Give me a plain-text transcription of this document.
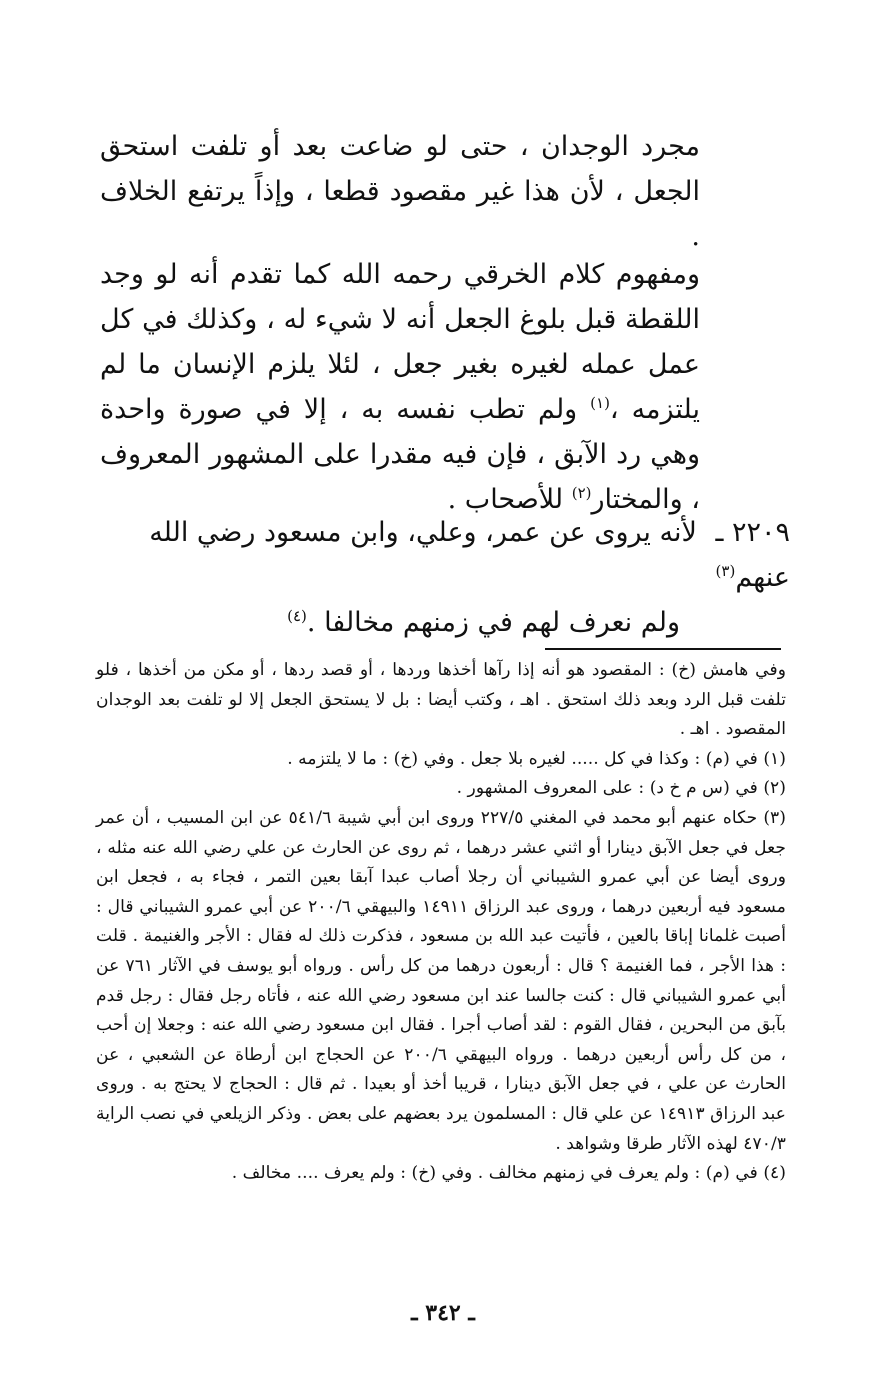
مجرد الوجدان ، حتى لو ضاعت بعد أو تلفت استحق الجعل ، لأن هذا غير مقصود قطعا ، وإذاً يرتفع الخلاف .
ومفهوم كلام الخرقي رحمه الله كما تقدم أنه لو وجد اللقطة قبل بلوغ الجعل أنه لا شيء له ، وكذلك في كل عمل عمله لغيره بغير جعل ، لئلا يلزم الإنسان ما لم يلتزمه ،$^{(١)}$ ولم تطب نفسه به ، إلا في صورة واحدة وهي رد الآبق ، فإن فيه مقدرا على المشهور المعروف ، والمختار$^{(٢)}$ للأصحاب .
٢٢٠٩ ـ لأنه يروى عن عمر، وعلي، وابن مسعود رضي الله عنهم$^{(٣)}$
ولم نعرف لهم في زمنهم مخالفا .$^{(٤)}$
وفي هامش (خ) : المقصود هو أنه إذا رآها أخذها وردها ، أو قصد ردها ، أو مكن من أخذها ، فلو تلفت قبل الرد وبعد ذلك استحق . اهـ ، وكتب أيضا : بل لا يستحق الجعل إلا لو تلفت بعد الوجدان المقصود . اهـ .
(١) في (م) : وكذا في كل ..... لغيره بلا جعل . وفي (خ) : ما لا يلتزمه .
(٢) في (س م خ د) : على المعروف المشهور .
(٣) حكاه عنهم أبو محمد في المغني ٢٢٧/٥ وروى ابن أبي شيبة ٥٤١/٦ عن ابن المسيب ، أن عمر جعل في جعل الآبق دينارا أو اثني عشر درهما ، ثم روى عن الحارث عن علي رضي الله عنه مثله ، وروى أيضا عن أبي عمرو الشيباني أن رجلا أصاب عبدا آبقا بعين التمر ، فجاء به ، فجعل ابن مسعود فيه أربعين درهما ، وروى عبد الرزاق ١٤٩١١ والبيهقي ٢٠٠/٦ عن أبي عمرو الشيباني قال : أصبت غلمانا إباقا بالعين ، فأتيت عبد الله بن مسعود ، فذكرت ذلك له فقال : الأجر والغنيمة . قلت : هذا الأجر ، فما الغنيمة ؟ قال : أربعون درهما من كل رأس . ورواه أبو يوسف في الآثار ٧٦١ عن أبي عمرو الشيباني قال : كنت جالسا عند ابن مسعود رضي الله عنه ، فأتاه رجل فقال : رجل قدم بآبق من البحرين ، فقال القوم : لقد أصاب أجرا . فقال ابن مسعود رضي الله عنه : وجعلا إن أحب ، من كل رأس أربعين درهما . ورواه البيهقي ٢٠٠/٦ عن الحجاج ابن أرطاة عن الشعبي ، عن الحارث عن علي ، في جعل الآبق دينارا ، قريبا أخذ أو بعيدا . ثم قال : الحجاج لا يحتج به . وروى عبد الرزاق ١٤٩١٣ عن علي قال : المسلمون يرد بعضهم على بعض . وذكر الزيلعي في نصب الراية ٤٧٠/٣ لهذه الآثار طرقا وشواهد .
(٤) في (م) : ولم يعرف في زمنهم مخالف . وفي (خ) : ولم يعرف .... مخالف .
ـ ٣٤٢ ـ
